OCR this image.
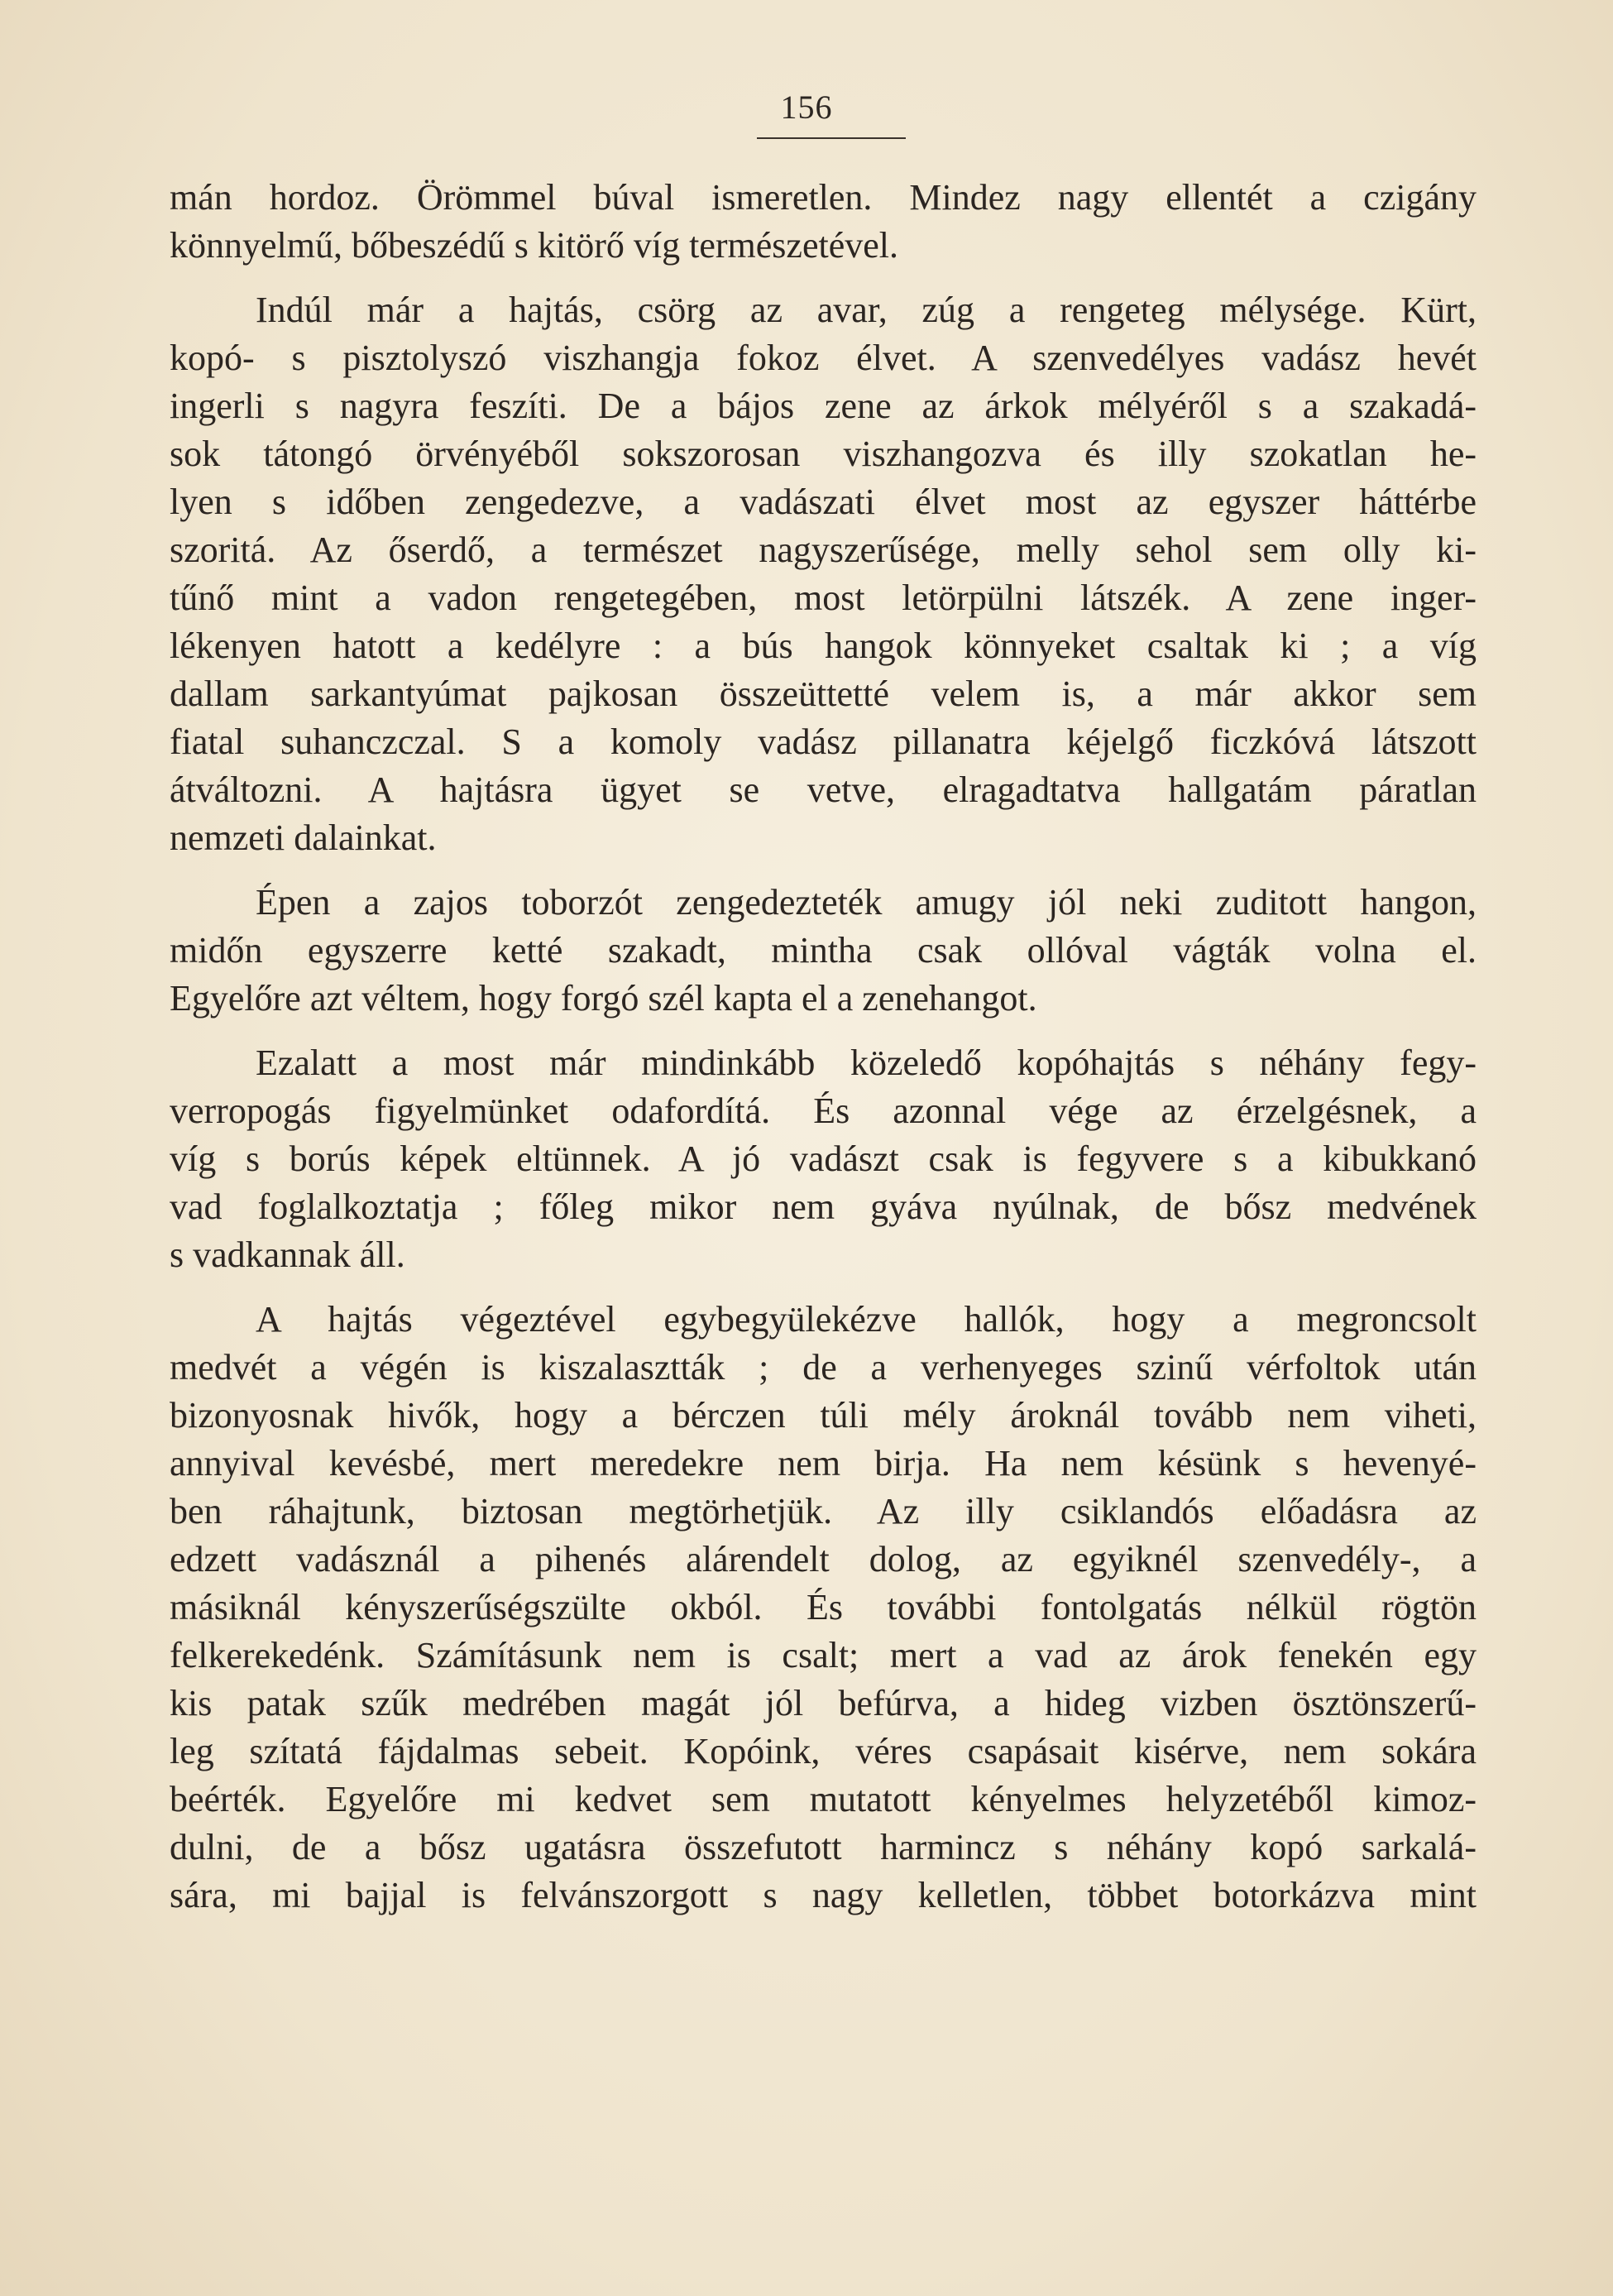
156
mán hordoz. Örömmel búval ismeretlen. Mindez nagy ellentét a czigány
könnyelmű, bőbeszédű s kitörő víg természetével.
Indúl már a hajtás, csörg az avar, zúg a rengeteg mélysége. Kürt,
kopó- s pisztolyszó viszhangja fokoz élvet. A szenvedélyes vadász hevét
ingerli s nagyra feszíti. De a bájos zene az árkok mélyéről s a szakadá-
sok tátongó örvényéből sokszorosan viszhangozva és illy szokatlan he-
lyen s időben zengedezve, a vadászati élvet most az egyszer háttérbe
szoritá. Az őserdő, a természet nagyszerűsége, melly sehol sem olly ki-
tűnő mint a vadon rengetegében, most letörpülni látszék. A zene inger-
lékenyen hatott a kedélyre : a bús hangok könnyeket csaltak ki ; a víg
dallam sarkantyúmat pajkosan összeüttetté velem is, a már akkor sem
fiatal suhanczczal. S a komoly vadász pillanatra kéjelgő ficzkóvá látszott
átváltozni. A hajtásra ügyet se vetve, elragadtatva hallgatám páratlan
nemzeti dalainkat.
Épen a zajos toborzót zengedezteték amugy jól neki zuditott hangon,
midőn egyszerre ketté szakadt, mintha csak ollóval vágták volna el.
Egyelőre azt véltem, hogy forgó szél kapta el a zenehangot.
Ezalatt a most már mindinkább közeledő kopóhajtás s néhány fegy-
verropogás figyelmünket odafordítá. És azonnal vége az érzelgésnek, a
víg s borús képek eltünnek. A jó vadászt csak is fegyvere s a kibukkanó
vad foglalkoztatja ; főleg mikor nem gyáva nyúlnak, de bősz medvének
s vadkannak áll.
A hajtás végeztével egybegyülekézve hallók, hogy a megroncsolt
medvét a végén is kiszalasztták ; de a verhenyeges szinű vérfoltok után
bizonyosnak hivők, hogy a bérczen túli mély ároknál tovább nem viheti,
annyival kevésbé, mert meredekre nem birja. Ha nem késünk s hevenyé-
ben ráhajtunk, biztosan megtörhetjük. Az illy csiklandós előadásra az
edzett vadásznál a pihenés alárendelt dolog, az egyiknél szenvedély-, a
másiknál kényszerűségszülte okból. És további fontolgatás nélkül rögtön
felkerekedénk. Számításunk nem is csalt; mert a vad az árok fenekén egy
kis patak szűk medrében magát jól befúrva, a hideg vizben ösztönszerű-
leg szítatá fájdalmas sebeit. Kopóink, véres csapásait kisérve, nem sokára
beérték. Egyelőre mi kedvet sem mutatott kényelmes helyzetéből kimoz-
dulni, de a bősz ugatásra összefutott harmincz s néhány kopó sarkalá-
sára, mi bajjal is felvánszorgott s nagy kelletlen, többet botorkázva mint
